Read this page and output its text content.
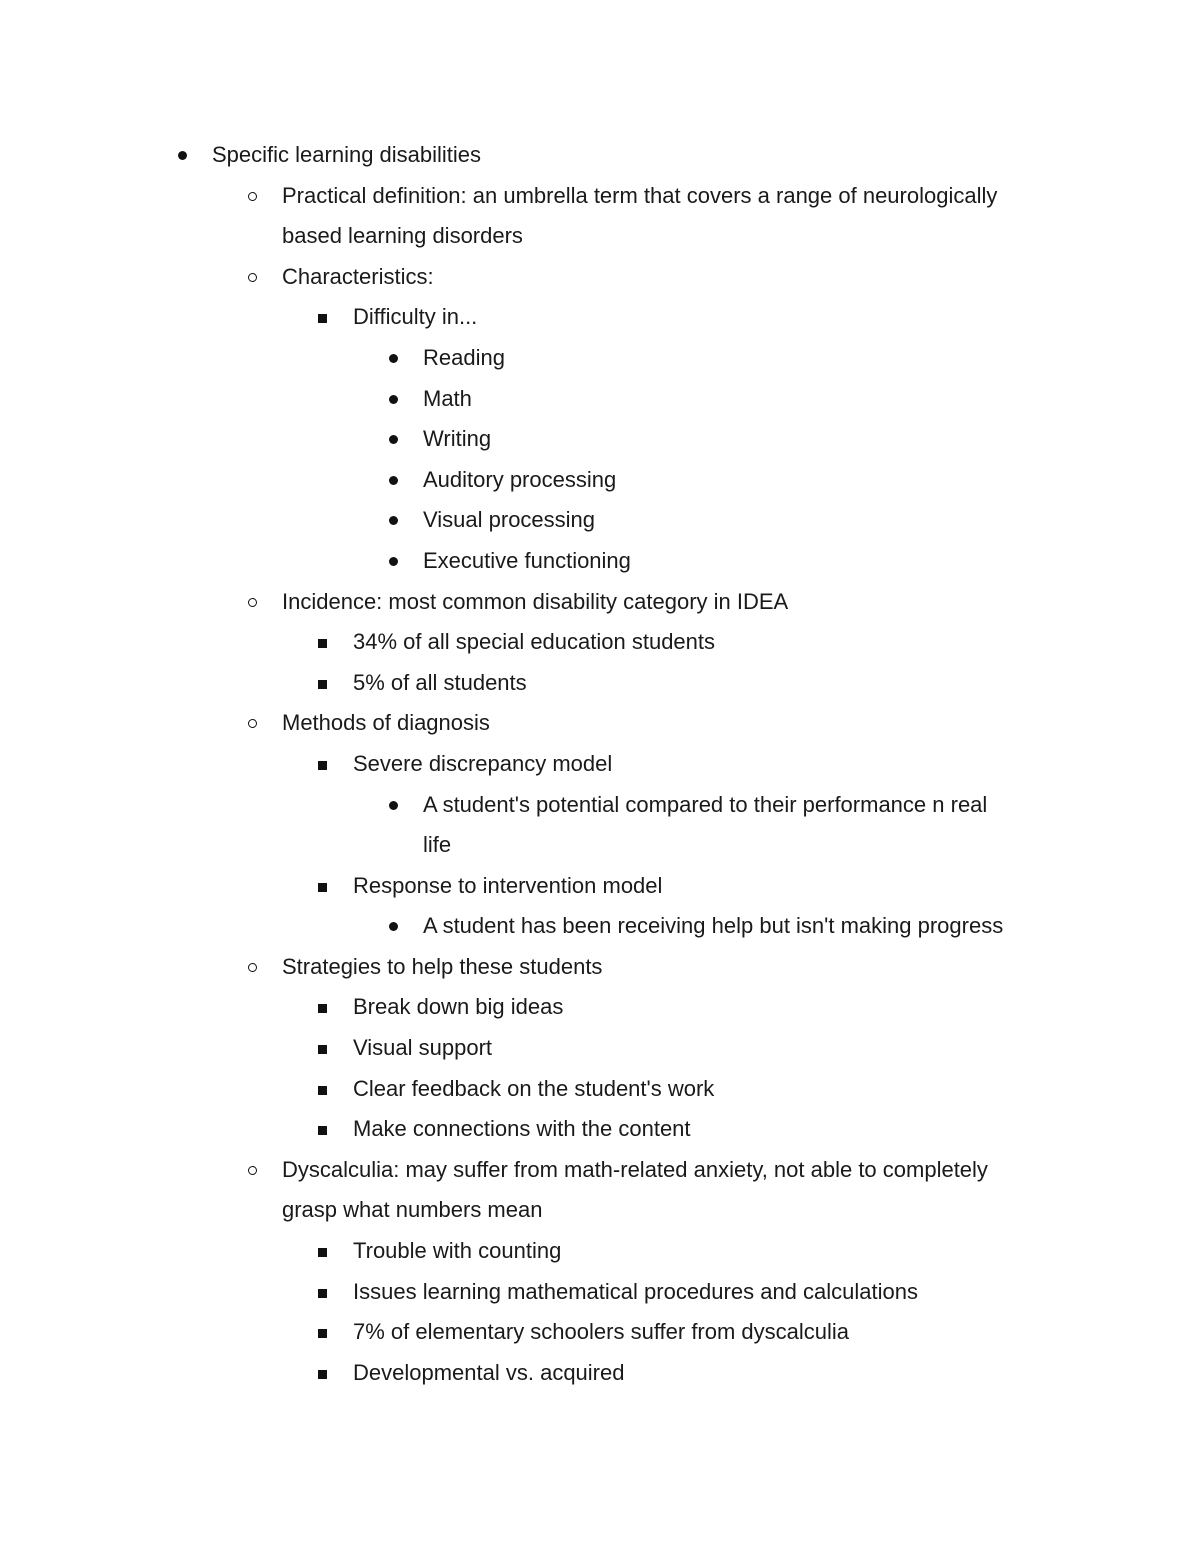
Specific learning disabilities
Practical definition: an umbrella term that covers a range of neurologically
based learning disorders
Characteristics:
Difficulty in...
Reading
Math
Writing
Auditory processing
Visual processing
Executive functioning
Incidence: most common disability category in IDEA
34% of all special education students
5% of all students
Methods of diagnosis
Severe discrepancy model
A student's potential compared to their performance n real
life
Response to intervention model
A student has been receiving help but isn't making progress
Strategies to help these students
Break down big ideas
Visual support
Clear feedback on the student's work
Make connections with the content
Dyscalculia: may suffer from math-related anxiety, not able to completely
grasp what numbers mean
Trouble with counting
Issues learning mathematical procedures and calculations
7% of elementary schoolers suffer from dyscalculia
Developmental vs. acquired
